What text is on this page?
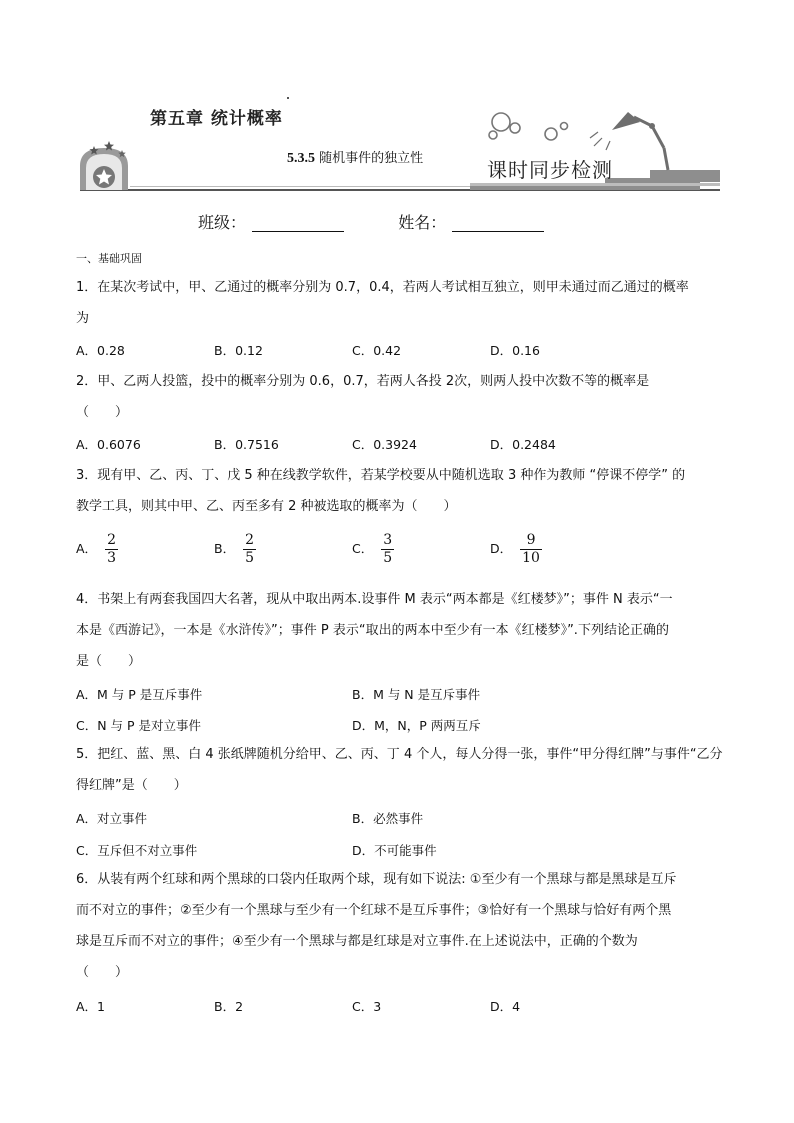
第五章 统计概率
5.3.5 随机事件的独立性	课时同步检测
班级：	姓名：
一、基础巩固
1．在某次考试中，甲、乙通过的概率分别为 0.7，0.4，若两人考试相互独立，则甲未通过而乙通过的概率
为
A．0.28	B．0.12	C．0.42	D．0.16
2．甲、乙两人投篮，投中的概率分别为 0.6，0.7，若两人各投 2次，则两人投中次数不等的概率是
（　　）
A．0.6076	B．0.7516	C．0.3924	D．0.2484
3．现有甲、乙、丙、丁、戊 5 种在线教学软件，若某学校要从中随机选取 3 种作为教师 “停课不停学” 的
教学工具，则其中甲、乙、丙至多有 2 种被选取的概率为（　　）
A． $\frac{2}{3}$	B． $\frac{2}{5}$	C． $\frac{3}{5}$	D． $\frac{9}{10}$
4．书架上有两套我国四大名著，现从中取出两本.设事件 M 表示“两本都是《红楼梦》”；事件 N 表示“一
本是《西游记》，一本是《水浒传》”；事件 P 表示“取出的两本中至少有一本《红楼梦》”.下列结论正确的
是（　　）
A．M 与 P 是互斥事件	B．M 与 N 是互斥事件
C．N 与 P 是对立事件	D．M，N，P 两两互斥
5．把红、蓝、黑、白 4 张纸牌随机分给甲、乙、丙、丁 4 个人，每人分得一张，事件“甲分得红牌”与事件“乙分
得红牌”是（　　）
A．对立事件	B．必然事件
C．互斥但不对立事件	D．不可能事件
6．从装有两个红球和两个黑球的口袋内任取两个球，现有如下说法: ①至少有一个黑球与都是黑球是互斥
而不对立的事件；②至少有一个黑球与至少有一个红球不是互斥事件；③恰好有一个黑球与恰好有两个黑
球是互斥而不对立的事件；④至少有一个黑球与都是红球是对立事件.在上述说法中，正确的个数为
（　　）
A．1	B．2	C．3	D．4
